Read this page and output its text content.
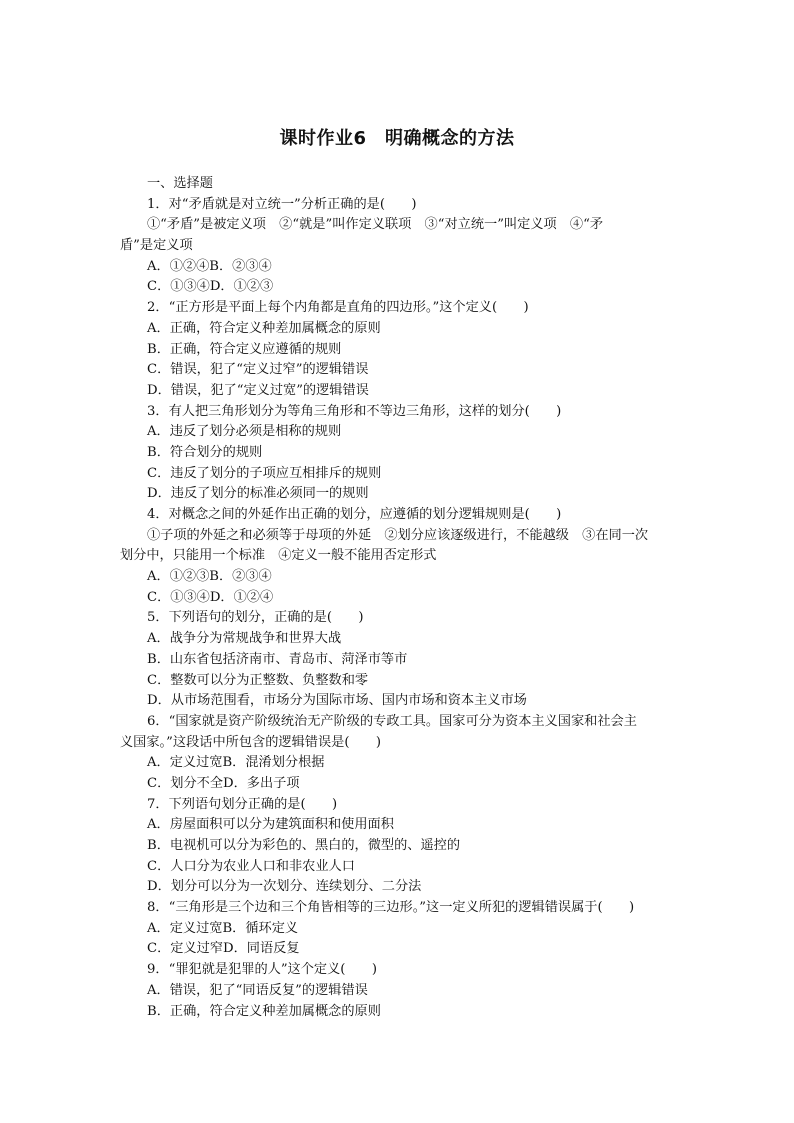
课时作业6　明确概念的方法
一、选择题
1．对“矛盾就是对立统一”分析正确的是(　　)
①“矛盾”是被定义项　②“就是”叫作定义联项　③“对立统一”叫定义项　④“矛
盾”是定义项
A．①②④B．②③④
C．①③④D．①②③
2．“正方形是平面上每个内角都是直角的四边形。”这个定义(　　)
A．正确，符合定义种差加属概念的原则
B．正确，符合定义应遵循的规则
C．错误，犯了“定义过窄”的逻辑错误
D．错误，犯了“定义过宽”的逻辑错误
3．有人把三角形划分为等角三角形和不等边三角形，这样的划分(　　)
A．违反了划分必须是相称的规则
B．符合划分的规则
C．违反了划分的子项应互相排斥的规则
D．违反了划分的标准必须同一的规则
4．对概念之间的外延作出正确的划分，应遵循的划分逻辑规则是(　　)
①子项的外延之和必须等于母项的外延　②划分应该逐级进行，不能越级　③在同一次
划分中，只能用一个标准　④定义一般不能用否定形式
A．①②③B．②③④
C．①③④D．①②④
5．下列语句的划分，正确的是(　　)
A．战争分为常规战争和世界大战
B．山东省包括济南市、青岛市、菏泽市等市
C．整数可以分为正整数、负整数和零
D．从市场范围看，市场分为国际市场、国内市场和资本主义市场
6．“国家就是资产阶级统治无产阶级的专政工具。国家可分为资本主义国家和社会主
义国家。”这段话中所包含的逻辑错误是(　　)
A．定义过宽B．混淆划分根据
C．划分不全D．多出子项
7．下列语句划分正确的是(　　)
A．房屋面积可以分为建筑面积和使用面积
B．电视机可以分为彩色的、黑白的，微型的、遥控的
C．人口分为农业人口和非农业人口
D．划分可以分为一次划分、连续划分、二分法
8．“三角形是三个边和三个角皆相等的三边形。”这一定义所犯的逻辑错误属于(　　)
A．定义过宽B．循环定义
C．定义过窄D．同语反复
9．“罪犯就是犯罪的人”这个定义(　　)
A．错误，犯了“同语反复”的逻辑错误
B．正确，符合定义种差加属概念的原则
